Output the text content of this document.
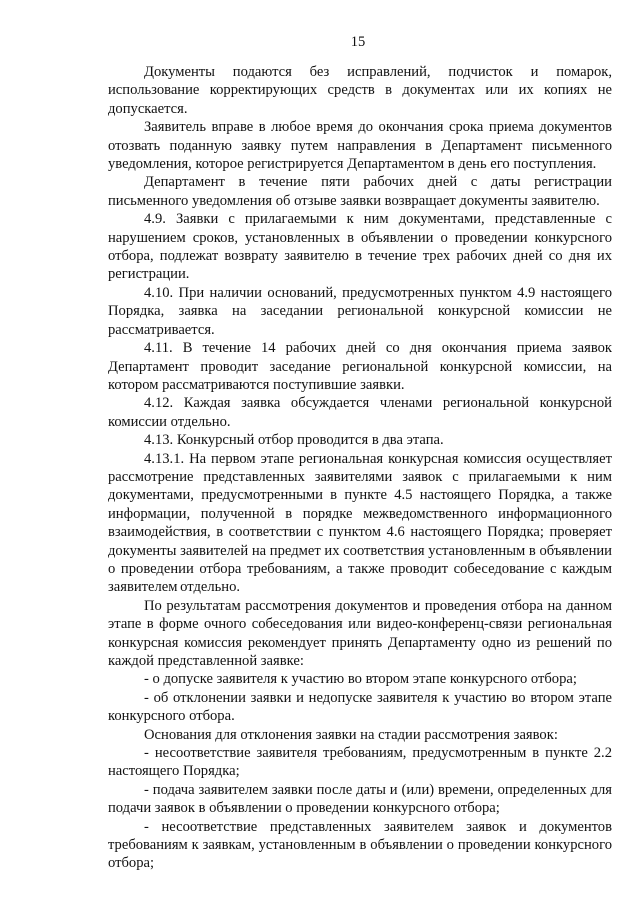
15

Документы подаются без исправлений, подчисток и помарок, использование корректирующих средств в документах или их копиях не допускается.

Заявитель вправе в любое время до окончания срока приема документов отозвать поданную заявку путем направления в Департамент письменного уведомления, которое регистрируется Департаментом в день его поступления.

Департамент в течение пяти рабочих дней с даты регистрации письменного уведомления об отзыве заявки возвращает документы заявителю.

4.9. Заявки с прилагаемыми к ним документами, представленные с нарушением сроков, установленных в объявлении о проведении конкурсного отбора, подлежат возврату заявителю в течение трех рабочих дней со дня их регистрации.

4.10. При наличии оснований, предусмотренных пунктом 4.9 настоящего Порядка, заявка на заседании региональной конкурсной комиссии не рассматривается.

4.11. В течение 14 рабочих дней со дня окончания приема заявок Департамент проводит заседание региональной конкурсной комиссии, на котором рассматриваются поступившие заявки.

4.12. Каждая заявка обсуждается членами региональной конкурсной комиссии отдельно.

4.13. Конкурсный отбор проводится в два этапа.

4.13.1. На первом этапе региональная конкурсная комиссия осуществляет рассмотрение представленных заявителями заявок с прилагаемыми к ним документами, предусмотренными в пункте 4.5 настоящего Порядка, а также информации, полученной в порядке межведомственного информационного взаимодействия, в соответствии с пунктом 4.6 настоящего Порядка; проверяет документы заявителей на предмет их соответствия установленным в объявлении о проведении отбора требованиям, а также проводит собеседование с каждым заявителем отдельно.

По результатам рассмотрения документов и проведения отбора на данном этапе в форме очного собеседования или видео-конференц-связи региональная конкурсная комиссия рекомендует принять Департаменту одно из решений по каждой представленной заявке:

- о допуске заявителя к участию во втором этапе конкурсного отбора;

- об отклонении заявки и недопуске заявителя к участию во втором этапе конкурсного отбора.

Основания для отклонения заявки на стадии рассмотрения заявок:

- несоответствие заявителя требованиям, предусмотренным в пункте 2.2 настоящего Порядка;

- подача заявителем заявки после даты и (или) времени, определенных для подачи заявок в объявлении о проведении конкурсного отбора;

- несоответствие представленных заявителем заявок и документов требованиям к заявкам, установленным в объявлении о проведении конкурсного отбора;
